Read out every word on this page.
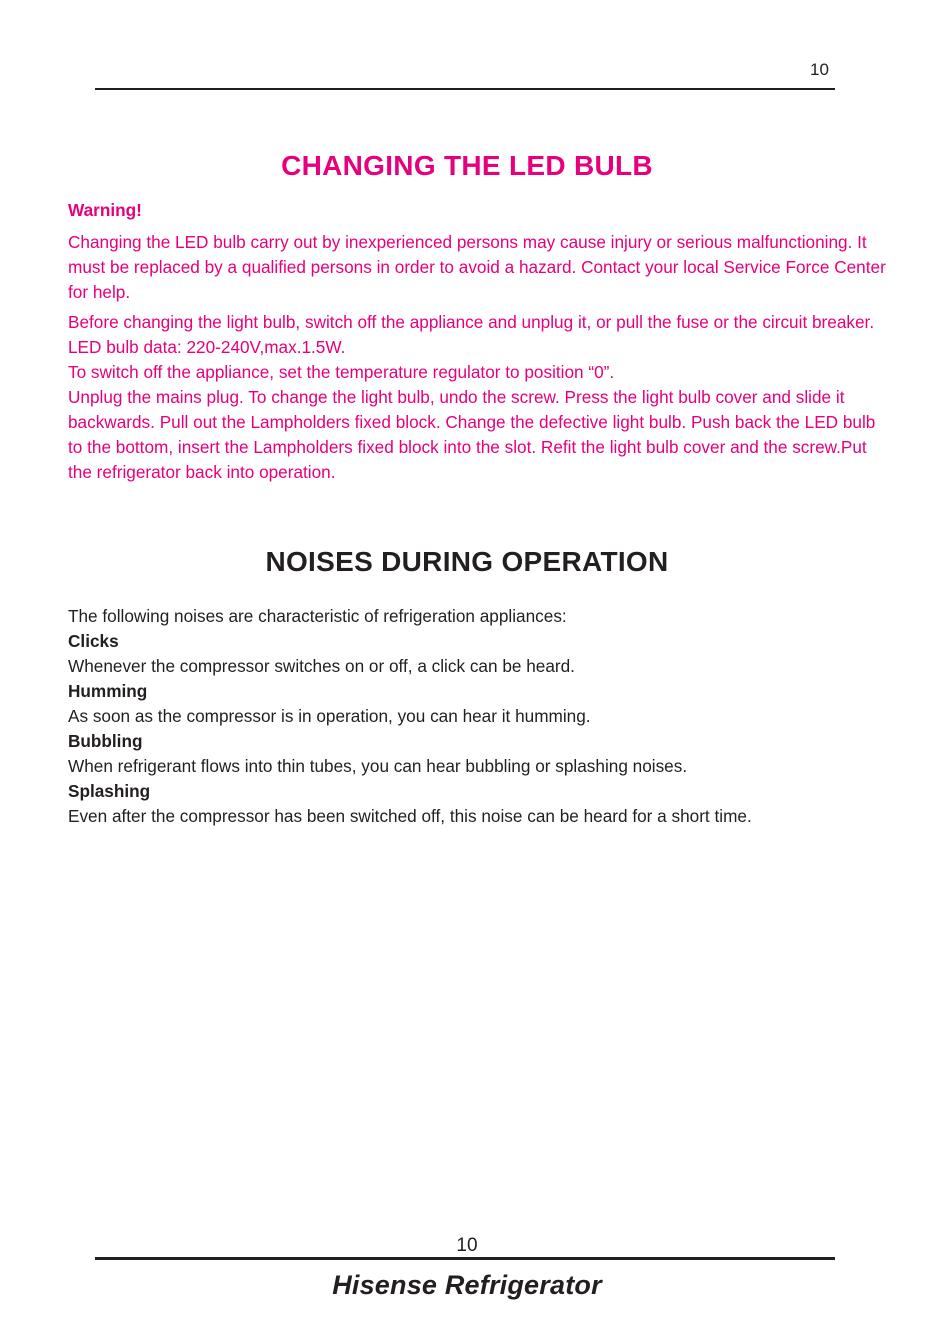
10
CHANGING THE LED BULB
Warning!

Changing the LED bulb carry out by inexperienced persons may cause injury or serious malfunctioning. It must be replaced by a qualified persons in order to avoid a hazard. Contact your local Service Force Center for help.

Before changing the light bulb, switch off the appliance and unplug it, or pull the fuse or the circuit breaker.

LED bulb data: 220-240V,max.1.5W.

To switch off the appliance, set the temperature regulator to position “0”.

Unplug the mains plug. To change the light bulb, undo the screw. Press the light bulb cover and slide it backwards. Pull out the Lampholders fixed block. Change the defective light bulb. Push back the LED bulb to the bottom, insert the Lampholders fixed block into the slot. Refit the light bulb cover and the screw.Put the refrigerator back into operation.

NOISES DURING OPERATION

The following noises are characteristic of refrigeration appliances:

Clicks

Whenever the compressor switches on or off, a click can be heard.

Humming

As soon as the compressor is in operation, you can hear it humming.

Bubbling

When refrigerant flows into thin tubes, you can hear bubbling or splashing noises.

Splashing

Even after the compressor has been switched off, this noise can be heard for a short time.

10
Hisense Refrigerator
